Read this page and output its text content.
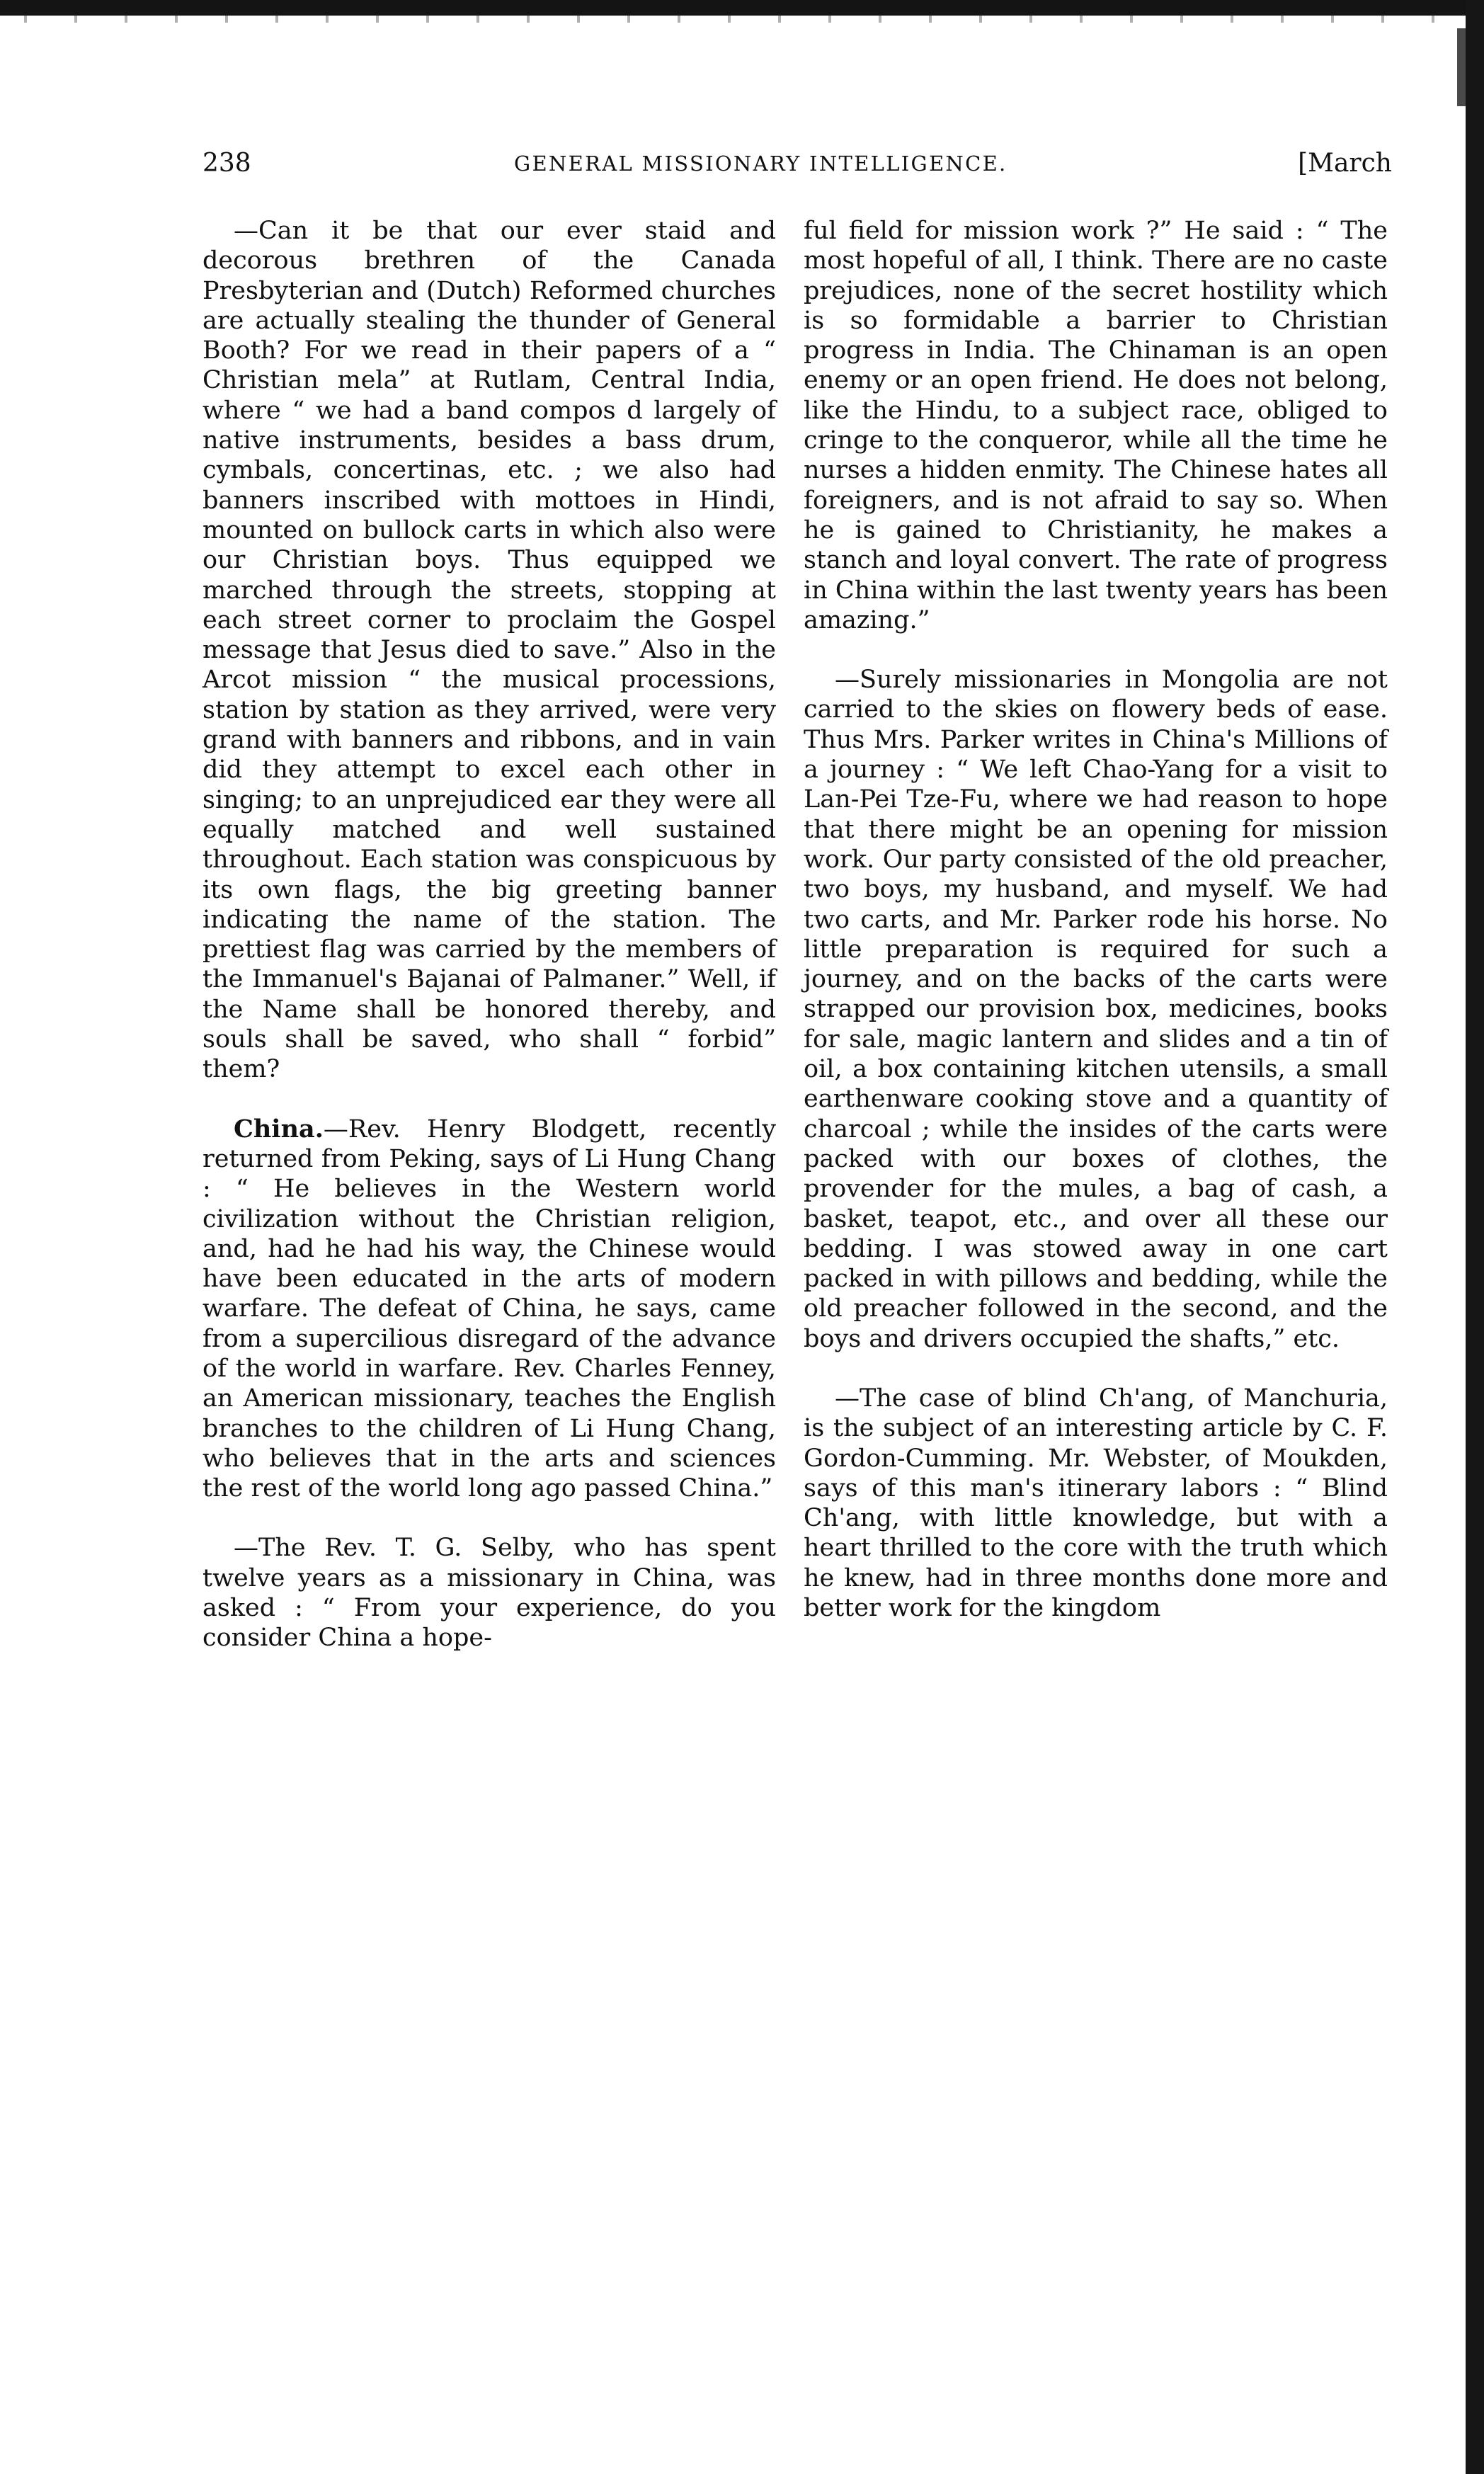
238	GENERAL MISSIONARY INTELLIGENCE.	[March

—Can it be that our ever staid and decorous brethren of the Canada Presbyterian and (Dutch) Reformed churches are actually stealing the thunder of General Booth? For we read in their papers of a “ Christian mela” at Rutlam, Central India, where “ we had a band compos d largely of native instruments, besides a bass drum, cymbals, concertinas, etc. ; we also had banners inscribed with mottoes in Hindi, mounted on bullock carts in which also were our Christian boys. Thus equipped we marched through the streets, stopping at each street corner to proclaim the Gospel message that Jesus died to save.” Also in the Arcot mission “ the musical processions, station by station as they arrived, were very grand with banners and ribbons, and in vain did they attempt to excel each other in singing; to an unprejudiced ear they were all equally matched and well sustained throughout. Each station was conspicuous by its own flags, the big greeting banner indicating the name of the station. The prettiest flag was carried by the members of the Immanuel's Bajanai of Palmaner.” Well, if the Name shall be honored thereby, and souls shall be saved, who shall “ forbid” them?

China.—Rev. Henry Blodgett, recently returned from Peking, says of Li Hung Chang : “ He believes in the Western world civilization without the Christian religion, and, had he had his way, the Chinese would have been educated in the arts of modern warfare. The defeat of China, he says, came from a supercilious disregard of the advance of the world in warfare. Rev. Charles Fenney, an American missionary, teaches the English branches to the children of Li Hung Chang, who believes that in the arts and sciences the rest of the world long ago passed China.”

—The Rev. T. G. Selby, who has spent twelve years as a missionary in China, was asked : “ From your experience, do you consider China a hope-

ful field for mission work ?” He said : “ The most hopeful of all, I think. There are no caste prejudices, none of the secret hostility which is so formidable a barrier to Christian progress in India. The Chinaman is an open enemy or an open friend. He does not belong, like the Hindu, to a subject race, obliged to cringe to the conqueror, while all the time he nurses a hidden enmity. The Chinese hates all foreigners, and is not afraid to say so. When he is gained to Christianity, he makes a stanch and loyal convert. The rate of progress in China within the last twenty years has been amazing.”

—Surely missionaries in Mongolia are not carried to the skies on flowery beds of ease. Thus Mrs. Parker writes in China's Millions of a journey : “ We left Chao-Yang for a visit to Lan-Pei Tze-Fu, where we had reason to hope that there might be an opening for mission work. Our party consisted of the old preacher, two boys, my husband, and myself. We had two carts, and Mr. Parker rode his horse. No little preparation is required for such a journey, and on the backs of the carts were strapped our provision box, medicines, books for sale, magic lantern and slides and a tin of oil, a box containing kitchen utensils, a small earthenware cooking stove and a quantity of charcoal ; while the insides of the carts were packed with our boxes of clothes, the provender for the mules, a bag of cash, a basket, teapot, etc., and over all these our bedding. I was stowed away in one cart packed in with pillows and bedding, while the old preacher followed in the second, and the boys and drivers occupied the shafts,” etc.

—The case of blind Ch'ang, of Manchuria, is the subject of an interesting article by C. F. Gordon-Cumming. Mr. Webster, of Moukden, says of this man's itinerary labors : “ Blind Ch'ang, with little knowledge, but with a heart thrilled to the core with the truth which he knew, had in three months done more and better work for the kingdom
